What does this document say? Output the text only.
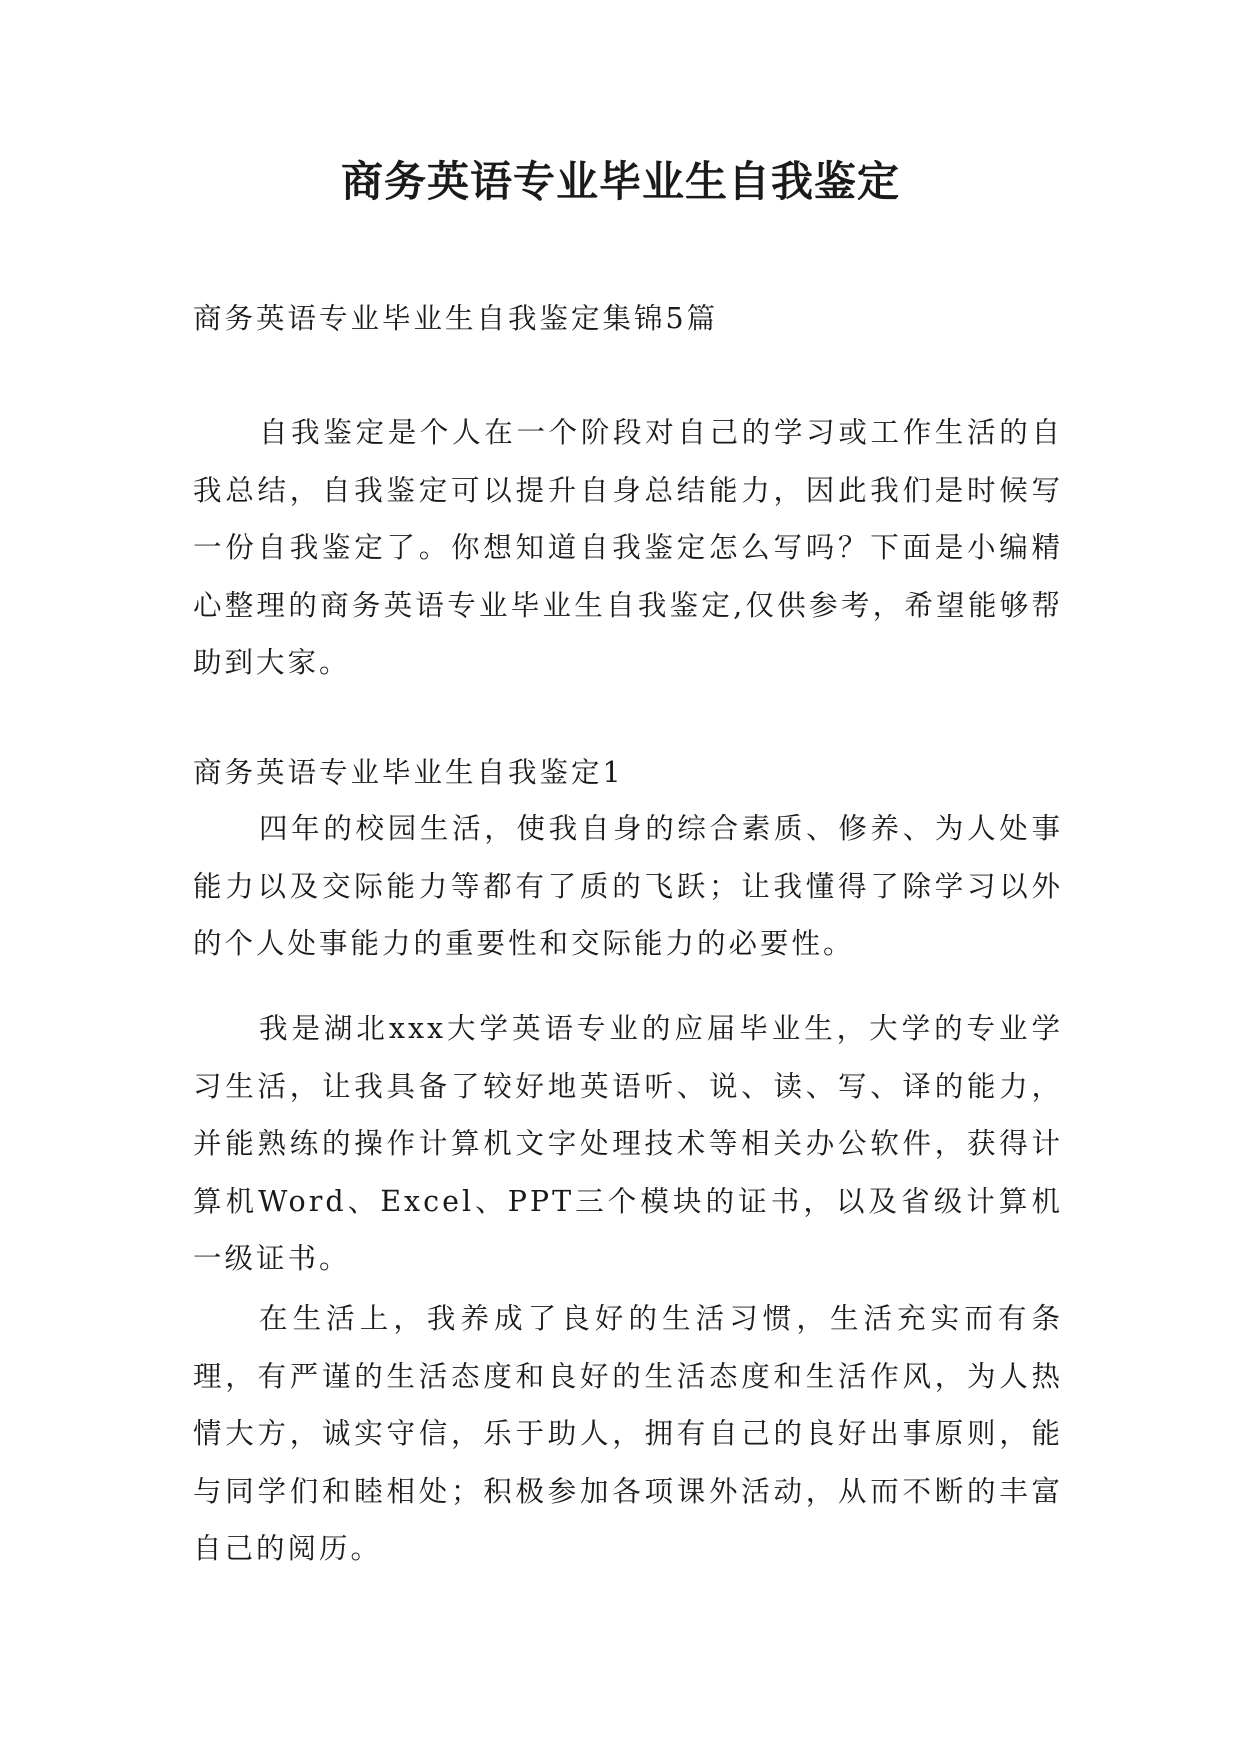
商务英语专业毕业生自我鉴定

商务英语专业毕业生自我鉴定集锦5篇

自我鉴定是个人在一个阶段对自己的学习或工作生活的自我总结，自我鉴定可以提升自身总结能力，因此我们是时候写一份自我鉴定了。你想知道自我鉴定怎么写吗？下面是小编精心整理的商务英语专业毕业生自我鉴定,仅供参考，希望能够帮助到大家。

商务英语专业毕业生自我鉴定1

四年的校园生活，使我自身的综合素质、修养、为人处事能力以及交际能力等都有了质的飞跃；让我懂得了除学习以外的个人处事能力的重要性和交际能力的必要性。

我是湖北xxx大学英语专业的应届毕业生，大学的专业学习生活，让我具备了较好地英语听、说、读、写、译的能力，并能熟练的操作计算机文字处理技术等相关办公软件，获得计算机Word、Excel、PPT三个模块的证书，以及省级计算机一级证书。

在生活上，我养成了良好的生活习惯，生活充实而有条理，有严谨的生活态度和良好的生活态度和生活作风，为人热情大方，诚实守信，乐于助人，拥有自己的良好出事原则，能与同学们和睦相处；积极参加各项课外活动，从而不断的丰富自己的阅历。
